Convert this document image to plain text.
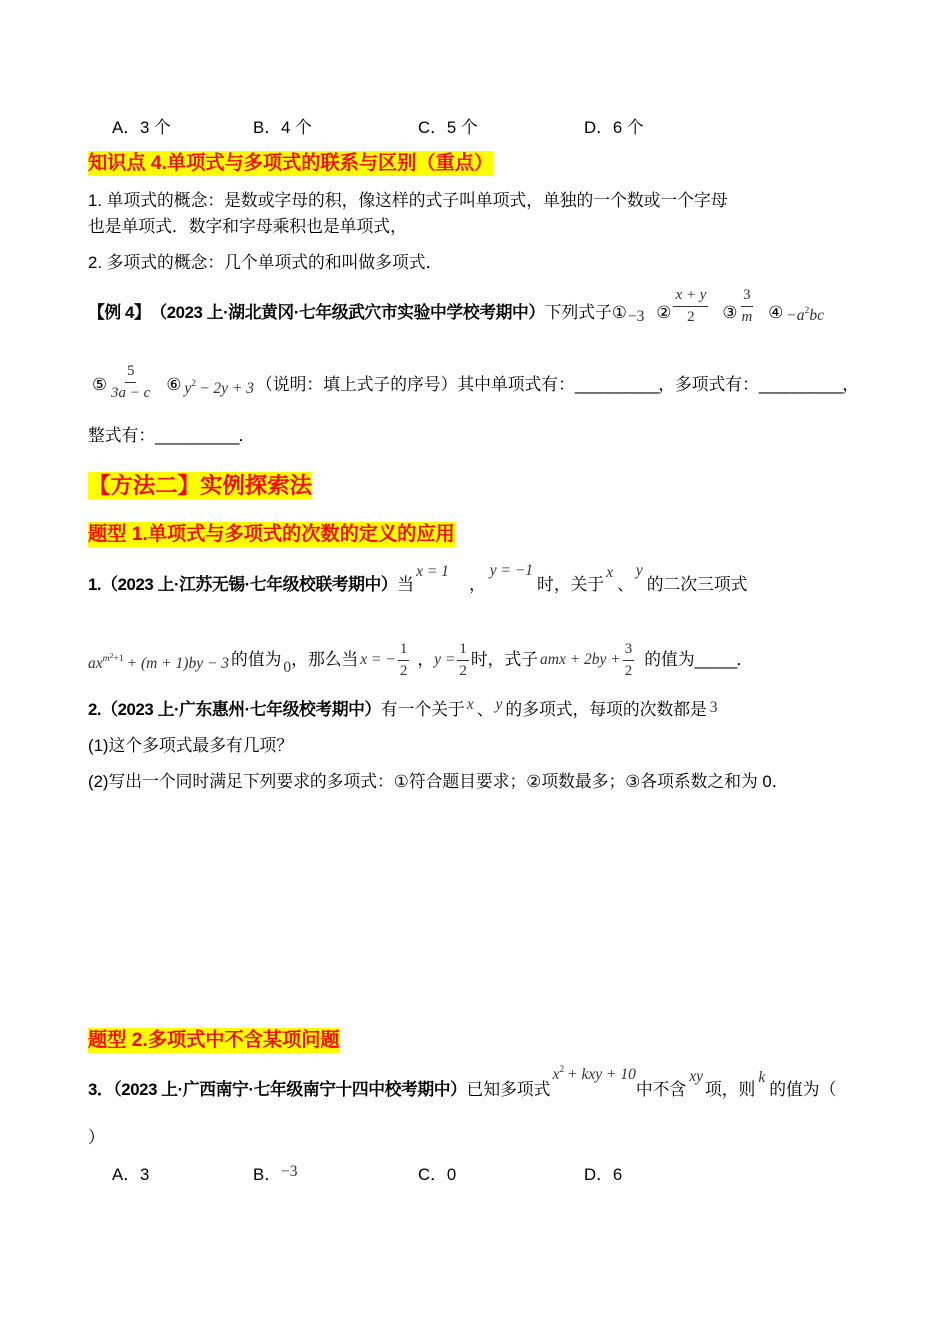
A．3 个	B．4 个	C．5 个	D．6 个
知识点 4.单项式与多项式的联系与区别（重点）
1. 单项式的概念：是数或字母的积，像这样的式子叫单项式，单独的一个数或一个字母
也是单项式．数字和字母乘积也是单项式，
2. 多项式的概念：几个单项式的和叫做多项式．
【例 4】 （2023 上·湖北黄冈·七年级武穴市实验中学校考期中） 下列式子① −3 ② $\frac{x + y}{2}$ ③ $\frac{3}{m}$ ④ −a2bc
⑤ $\frac{5}{3a - c}$ ⑥ y2 − 2y + 3 （说明：填上式子的序号）其中单项式有： __________ ，多项式有： __________ ，
整式有： __________ ．
【方法二】实例探索法
题型 1.单项式与多项式的次数的定义的应用
1.（2023 上·江苏无锡·七年级校联考期中） 当
x = 1
，
y = −1
时，关于
x
、
y
的二次三项式
axm2+1 + (m + 1)by − 3 的值为 0 ，那么当 x = − $\frac{1}{2}$ ， $y = \frac{1}{2}$ 时，式子 amx + $2by + \frac{3}{2}$ 的值为 _____ ．
2.（2023 上·广东惠州·七年级校考期中） 有一个关于 x 、 y 的多项式，每项的次数都是 3
(1)这个多项式最多有几项？
(2)写出一个同时满足下列要求的多项式：①符合题目要求；②项数最多；③各项系数之和为 0．
题型 2.多项式中不含某项问题
3．（2023 上·广西南宁·七年级南宁十四中校考期中） 已知多项式
x2 + kxy + 10
中不含
xy
项，则
k
的值为（
）
A．3	B． −3	C．0	D．6
